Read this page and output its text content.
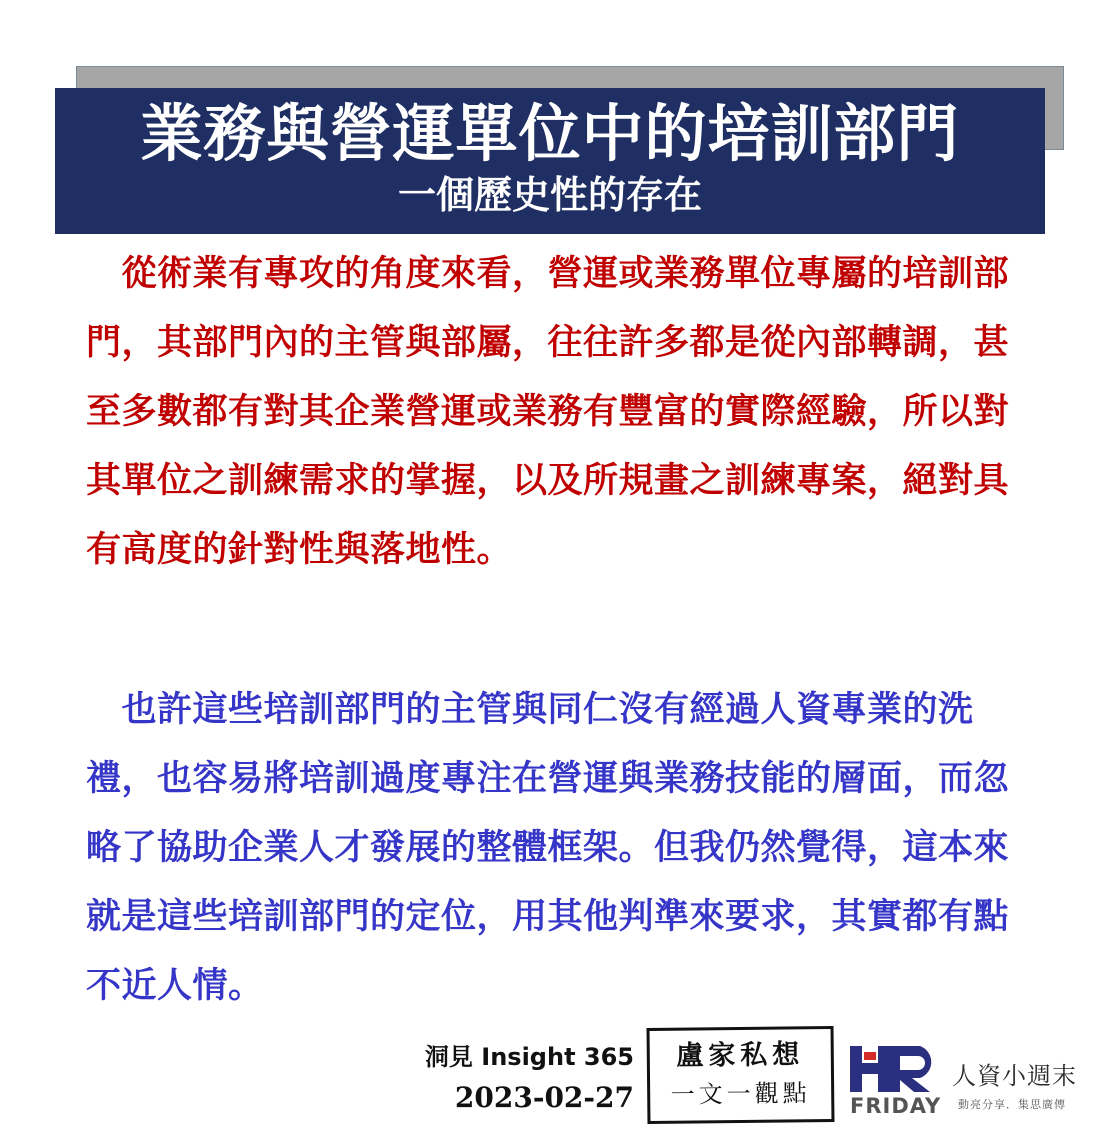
業務與營運單位中的培訓部門
一個歷史性的存在
　從術業有專攻的角度來看，營運或業務單位專屬的培訓部門，其部門內的主管與部屬，往往許多都是從內部轉調，甚至多數都有對其企業營運或業務有豐富的實際經驗，所以對其單位之訓練需求的掌握，以及所規畫之訓練專案，絕對具有高度的針對性與落地性。
　也許這些培訓部門的主管與同仁沒有經過人資專業的洗禮，也容易將培訓過度專注在營運與業務技能的層面，而忽略了協助企業人才發展的整體框架。但我仍然覺得，這本來就是這些培訓部門的定位，用其他判準來要求，其實都有點不近人情。
洞見 Insight 365
2023-02-27
盧家私想
一文一觀點
人資小週末
FRIDAY 動亮分享．集思廣傳
